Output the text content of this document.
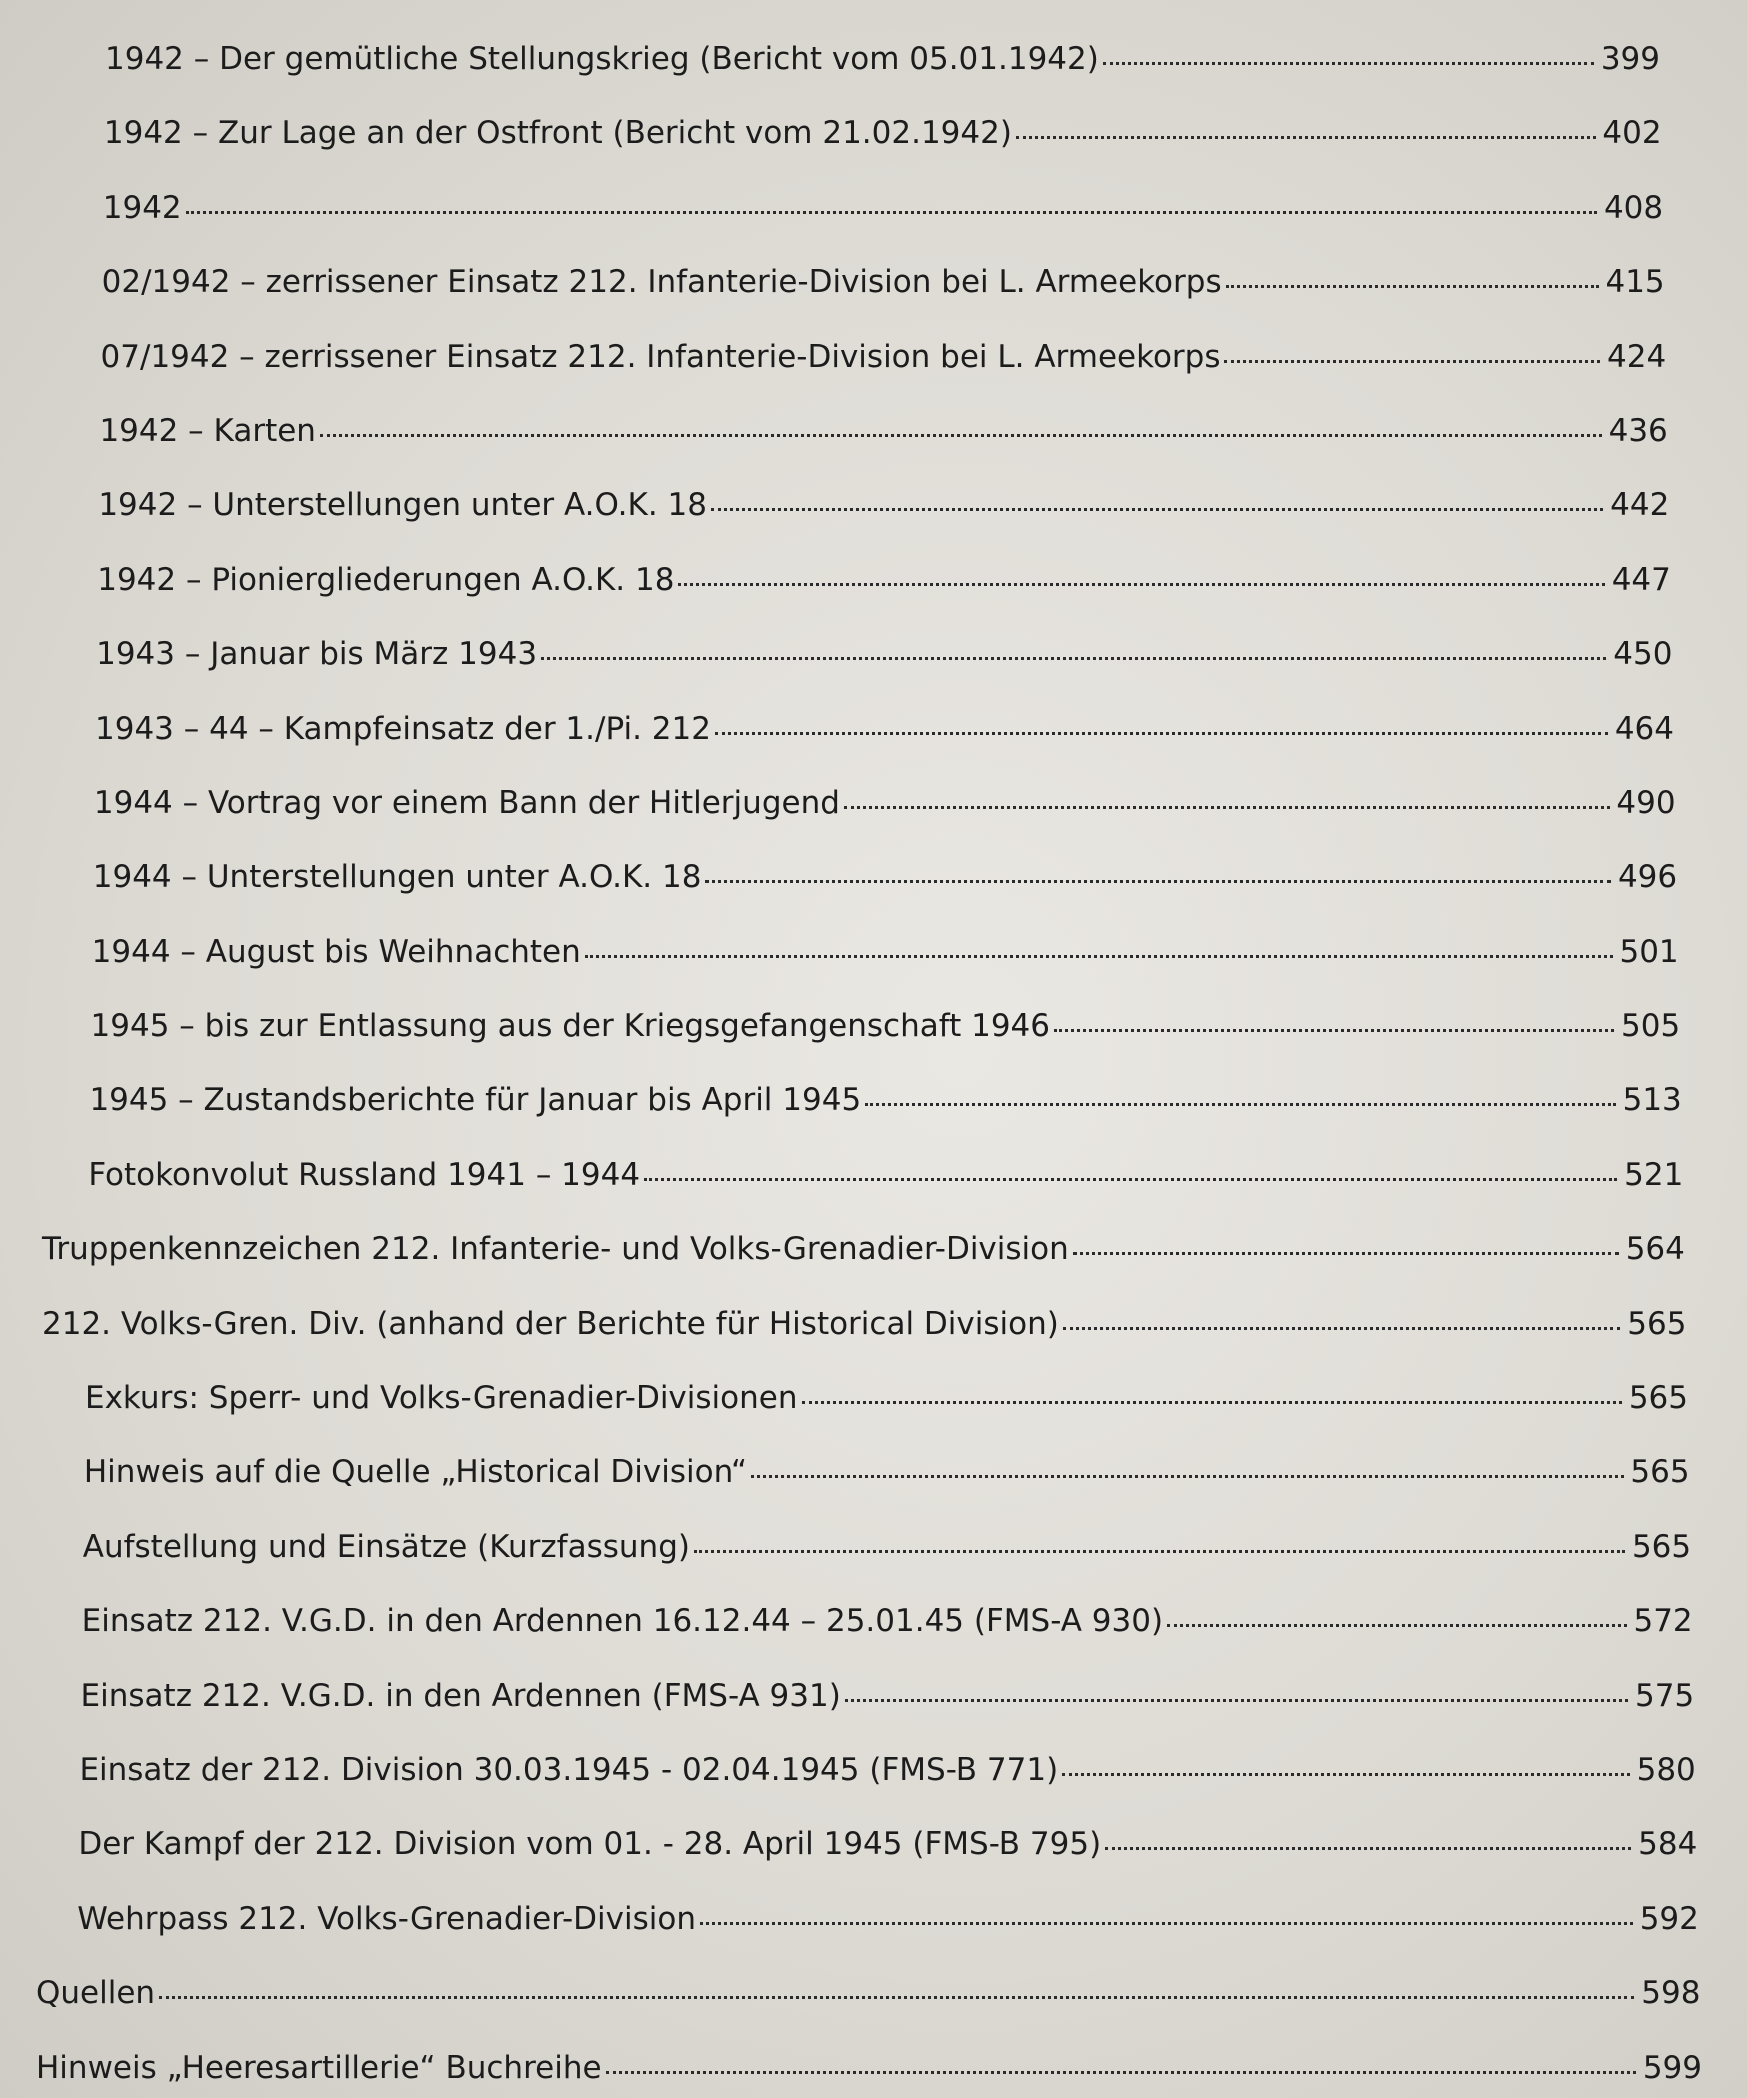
1942 – Der gemütliche Stellungskrieg (Bericht vom 05.01.1942)	399
1942 – Zur Lage an der Ostfront (Bericht vom 21.02.1942)	402
1942	408
02/1942 – zerrissener Einsatz 212. Infanterie-Division bei L. Armeekorps	415
07/1942 – zerrissener Einsatz 212. Infanterie-Division bei L. Armeekorps	424
1942 – Karten	436
1942 – Unterstellungen unter A.O.K. 18	442
1942 – Pioniergliederungen A.O.K. 18	447
1943 – Januar bis März 1943	450
1943 – 44 – Kampfeinsatz der 1./Pi. 212	464
1944 – Vortrag vor einem Bann der Hitlerjugend	490
1944 – Unterstellungen unter A.O.K. 18	496
1944 – August bis Weihnachten	501
1945 – bis zur Entlassung aus der Kriegsgefangenschaft 1946	505
1945 – Zustandsberichte für Januar bis April 1945	513
Fotokonvolut Russland 1941 – 1944	521
Truppenkennzeichen 212. Infanterie- und Volks-Grenadier-Division	564
212. Volks-Gren. Div. (anhand der Berichte für Historical Division)	565
Exkurs: Sperr- und Volks-Grenadier-Divisionen	565
Hinweis auf die Quelle „Historical Division“	565
Aufstellung und Einsätze (Kurzfassung)	565
Einsatz 212. V.G.D. in den Ardennen 16.12.44 – 25.01.45 (FMS-A 930)	572
Einsatz 212. V.G.D. in den Ardennen (FMS-A 931)	575
Einsatz der 212. Division 30.03.1945 - 02.04.1945 (FMS-B 771)	580
Der Kampf der 212. Division vom 01. - 28. April 1945 (FMS-B 795)	584
Wehrpass 212. Volks-Grenadier-Division	592
Quellen	598
Hinweis „Heeresartillerie“ Buchreihe	599
